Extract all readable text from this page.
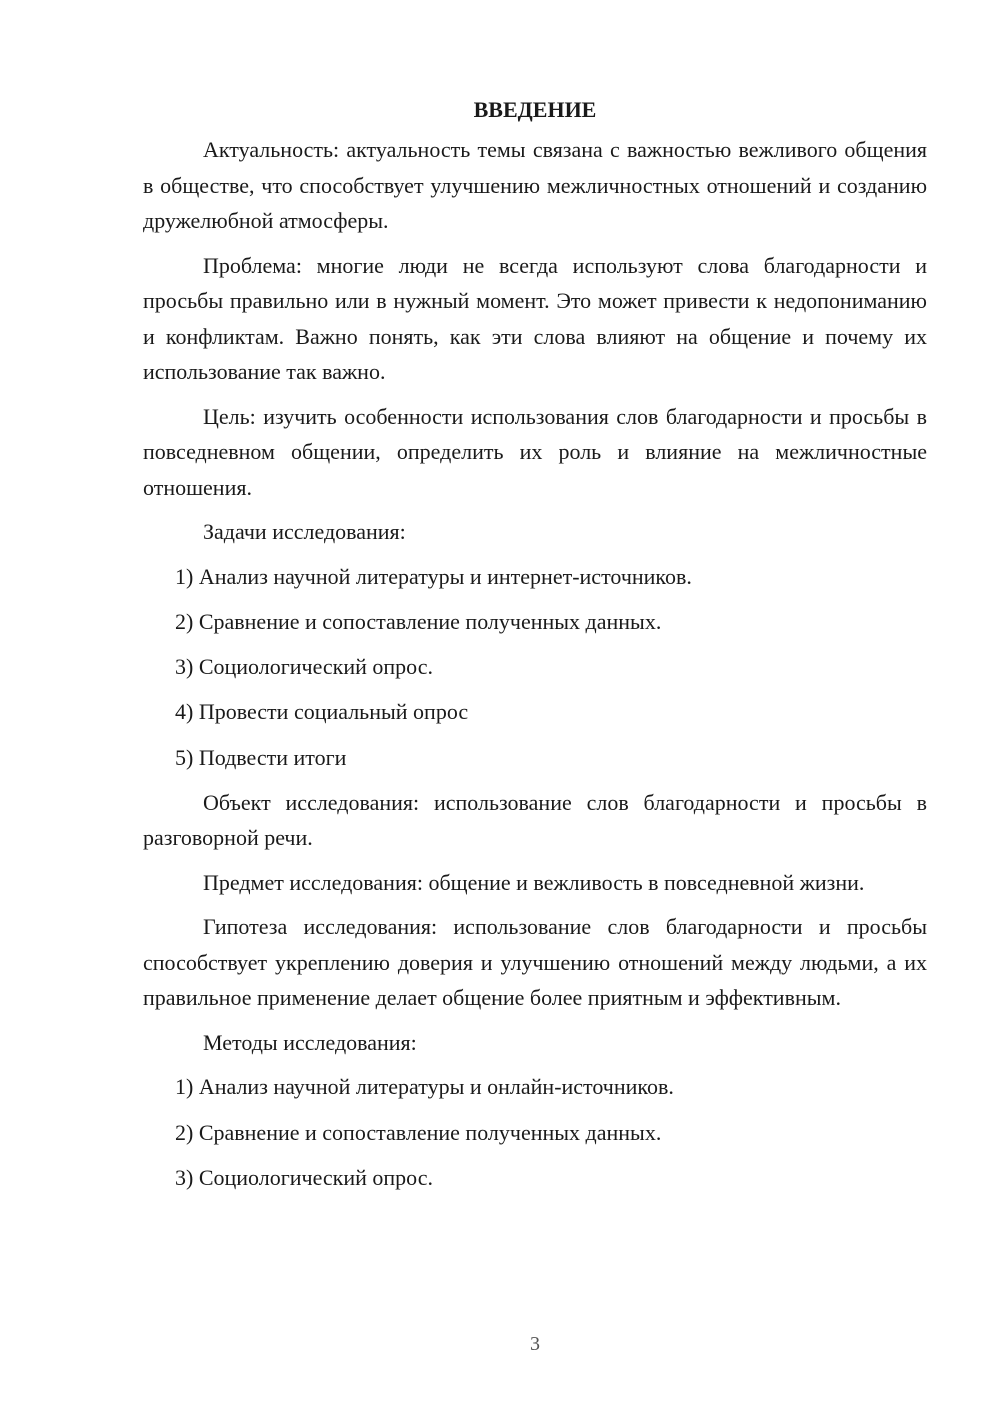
ВВЕДЕНИЕ

Актуальность: актуальность темы связана с важностью вежливого общения в обществе, что способствует улучшению межличностных отношений и созданию дружелюбной атмосферы.

Проблема: многие люди не всегда используют слова благодарности и просьбы правильно или в нужный момент. Это может привести к недопониманию и конфликтам. Важно понять, как эти слова влияют на общение и почему их использование так важно.

Цель: изучить особенности использования слов благодарности и просьбы в повседневном общении, определить их роль и влияние на межличностные отношения.

Задачи исследования:

1) Анализ научной литературы и интернет-источников.
2) Сравнение и сопоставление полученных данных.
3) Социологический опрос.
4) Провести социальный опрос
5) Подвести итоги

Объект исследования: использование слов благодарности и просьбы в разговорной речи.

Предмет исследования: общение и вежливость в повседневной жизни.

Гипотеза исследования: использование слов благодарности и просьбы способствует укреплению доверия и улучшению отношений между людьми, а их правильное применение делает общение более приятным и эффективным.

Методы исследования:

1) Анализ научной литературы и онлайн-источников.
2) Сравнение и сопоставление полученных данных.
3) Социологический опрос.
3
